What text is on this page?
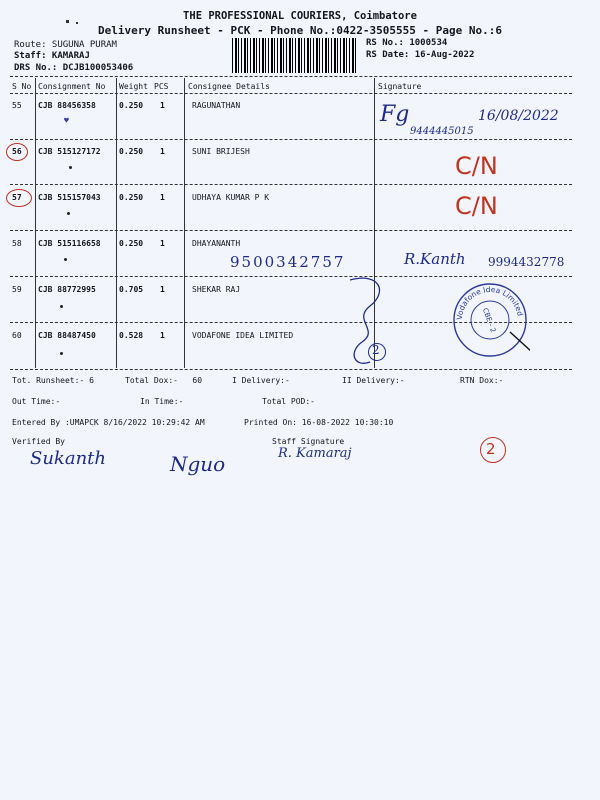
THE PROFESSIONAL COURIERS, Coimbatore
Delivery Runsheet - PCK - Phone No.:0422-3505555 - Page No.:6
Route: SUGUNA PURAM
Staff: KAMARAJ
DRS No.: DCJB100053406
RS No.: 1000534
RS Date: 16-Aug-2022
S No Consignment No Weight PCS Consignee Details	Signature
55 CJB 88456358	0.250 1	RAGUNATHAN
♥	Fg	16/08/2022
9444445015
56 CJB 515127172 0.250 1	SUNI BRIJESH
C/N
57 CJB 515157043 0.250 1	UDHAYA KUMAR P K	C/N
58 CJB 515116658 0.250 1	DHAYANANTH
9500342757	R.Kanth 9994432778
59 CJB 88772995	0.705 1	SHEKAR RAJ
60 CJB 88487450	0.528 1	VODAFONE IDEA LIMITED
2
Vodafone Idea Limited
CBE - 2
Tot. Runsheet:- 6	Total Dox:-   60	I Delivery:-	II Delivery:-	RTN Dox:-
Out Time:-	In Time:-	Total POD:-
Entered By :UMAPCK 8/16/2022 10:29:42 AM	Printed On: 16-08-2022 10:30:10
Verified By	Staff Signature
Sukanth	Nguo	R. Kamaraj	2
